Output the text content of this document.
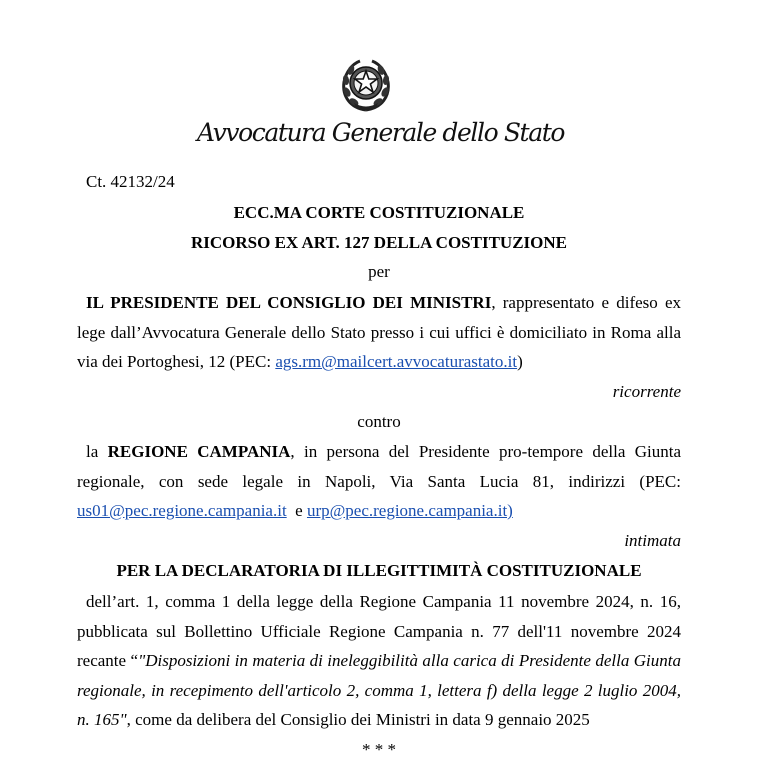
Avvocatura Generale dello Stato
Ct. 42132/24
ECC.MA CORTE COSTITUZIONALE
RICORSO EX ART. 127 DELLA COSTITUZIONE
per
IL PRESIDENTE DEL CONSIGLIO DEI MINISTRI, rappresentato e difeso ex
lege dall’Avvocatura Generale dello Stato presso i cui uffici è domiciliato in Roma alla
via dei Portoghesi, 12 (PEC: ags.rm@mailcert.avvocaturastato.it)
ricorrente
contro
la REGIONE CAMPANIA, in persona del Presidente pro-tempore della Giunta
regionale, con sede legale in Napoli, Via Santa Lucia 81, indirizzi (PEC:
us01@pec.regione.campania.it  e urp@pec.regione.campania.it)
intimata
PER LA DECLARATORIA DI ILLEGITTIMITÀ COSTITUZIONALE
dell’art. 1, comma 1 della legge della Regione Campania 11 novembre 2024, n. 16,
pubblicata sul Bollettino Ufficiale Regione Campania n. 77 dell'11 novembre 2024
recante “"Disposizioni in materia di ineleggibilità alla carica di Presidente della Giunta
regionale, in recepimento dell'articolo 2, comma 1, lettera f) della legge 2 luglio 2004,
n. 165", come da delibera del Consiglio dei Ministri in data 9 gennaio 2025
* * *
